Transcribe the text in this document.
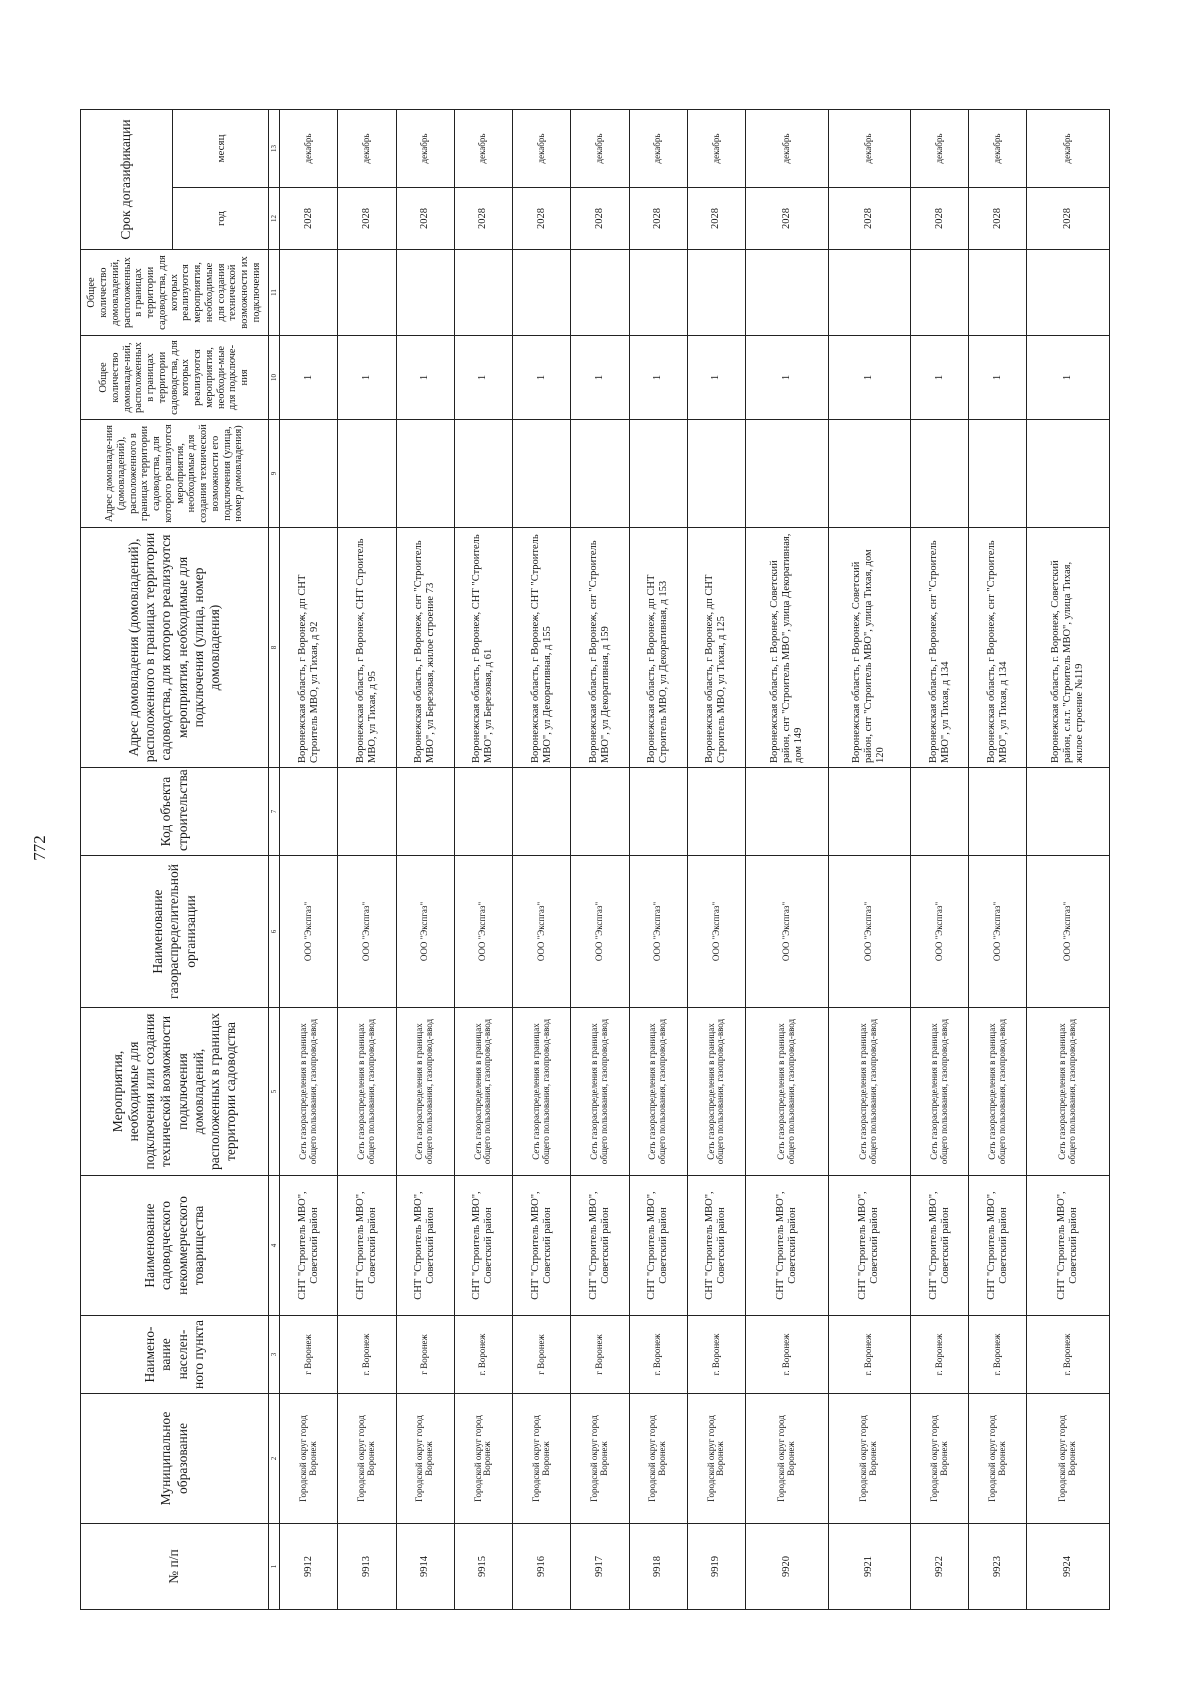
772
№ п/п	Муниципальное образование	Наимено-вание населен-ного пункта	Наименование садоводческого некоммерческого товарищества	Мероприятия, необходимые для подключения или создания технической возможности подключения домовладений, расположенных в границах территории садоводства	Наименование газораспределительной организации	Код объекта строительства	Адрес домовладения (домовладений), расположенного в границах территории садоводства, для которого реализуются мероприятия, необходимые для подключения (улица, номер домовладения)	Адрес домовладе-ния (домовладений), расположенного в границах территории садоводства, для которого реализуются мероприятия, необходимые для создания технической возможности его подключения (улица, номер домовладения)	Общее количество домовладе-ний, расположенных в границах территории садоводства, для которых реализуются мероприятия, необходи-мые для подключе-ния	Общее количество домовладений, расположенных в границах территории садоводства, для которых реализуются мероприятия, необходимые для создания технической возможности их подключения	Срок догазификации	
											год	месяц
1	2	3	4	5	6	7	8	9	10	11	12	13
9912	Городской округ город Воронеж	г Воронеж	СНТ "Строитель МВО", Советский район	Сеть газораспределения в границах общего пользования, газопровод-ввод	ООО "Экспгаз"		Воронежская область, г Воронеж, дп СНТ Строитель МВО, ул Тихая, д 92		1		2028	декабрь
9913	Городской округ город Воронеж	г. Воронеж	СНТ "Строитель МВО", Советский район	Сеть газораспределения в границах общего пользования, газопровод-ввод	ООО "Экспгаз"		Воронежская область, г Воронеж, СНТ Строитель МВО, ул Тихая, д 95		1		2028	декабрь
9914	Городской округ город Воронеж	г Воронеж	СНТ "Строитель МВО", Советский район	Сеть газораспределения в границах общего пользования, газопровод-ввод	ООО "Экспгаз"		Воронежская область, г Воронеж, снт "Строитель МВО", ул Березовая, жилое строение 73		1		2028	декабрь
9915	Городской округ город Воронеж	г. Воронеж	СНТ "Строитель МВО", Советский район	Сеть газораспределения в границах общего пользования, газопровод-ввод	ООО "Экспгаз"		Воронежская область, г Воронеж, СНТ "Строитель МВО", ул Березовая, д 61		1		2028	декабрь
9916	Городской округ город Воронеж	г Воронеж	СНТ "Строитель МВО", Советский район	Сеть газораспределения в границах общего пользования, газопровод-ввод	ООО "Экспгаз"		Воронежская область, г Воронеж, СНТ "Строитель МВО", ул Декоративная, д 155		1		2028	декабрь
9917	Городской округ город Воронеж	г Воронеж	СНТ "Строитель МВО", Советский район	Сеть газораспределения в границах общего пользования, газопровод-ввод	ООО "Экспгаз"		Воронежская область, г Воронеж, снт "Строитель МВО", ул Декоративная, д 159		1		2028	декабрь
9918	Городской округ город Воронеж	г. Воронеж	СНТ "Строитель МВО", Советский район	Сеть газораспределения в границах общего пользования, газопровод-ввод	ООО "Экспгаз"		Воронежская область, г Воронеж, дп СНТ Строитель МВО, ул Декоративная, д 153		1		2028	декабрь
9919	Городской округ город Воронеж	г. Воронеж	СНТ "Строитель МВО", Советский район	Сеть газораспределения в границах общего пользования, газопровод-ввод	ООО "Экспгаз"		Воронежская область, г Воронеж, дп СНТ Строитель МВО, ул Тихая, д 125		1		2028	декабрь
9920	Городской округ город Воронеж	г. Воронеж	СНТ "Строитель МВО", Советский район	Сеть газораспределения в границах общего пользования, газопровод-ввод	ООО "Экспгаз"		Воронежская область, г. Воронеж, Советский район, снт "Строитель МВО", улица Декоративная, дом 149		1		2028	декабрь
9921	Городской округ город Воронеж	г. Воронеж	СНТ "Строитель МВО", Советский район	Сеть газораспределения в границах общего пользования, газопровод-ввод	ООО "Экспгаз"		Воронежская область, г Воронеж, Советский район, снт "Строитель МВО", улица Тихая, дом 120		1		2028	декабрь
9922	Городской округ город Воронеж	г. Воронеж	СНТ "Строитель МВО", Советский район	Сеть газораспределения в границах общего пользования, газопровод-ввод	ООО "Экспгаз"		Воронежская область, г Воронеж, снт "Строитель МВО", ул Тихая, д 134		1		2028	декабрь
9923	Городской округ город Воронеж	г. Воронеж	СНТ "Строитель МВО", Советский район	Сеть газораспределения в границах общего пользования, газопровод-ввод	ООО "Экспгаз"		Воронежская область, г Воронеж, снт "Строитель МВО", ул Тихая, д 134		1		2028	декабрь
9924	Городской округ город Воронеж	г. Воронеж	СНТ "Строитель МВО", Советский район	Сеть газораспределения в границах общего пользования, газопровод-ввод	ООО "Экспгаз"		Воронежская область, г. Воронеж, Советский район, с.н.т. "Строитель МВО", улица Тихая, жилое строение №119		1		2028	декабрь
